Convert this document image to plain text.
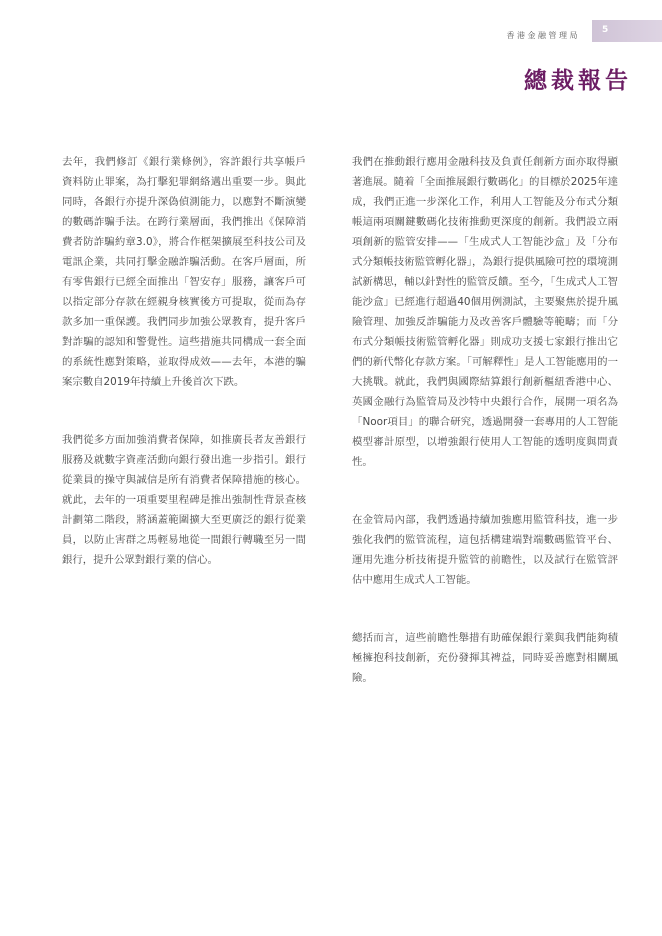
香港金融管理局
5
總裁報告

去年，我們修訂《銀行業條例》，容許銀行共享帳戶資料防止罪案，為打擊犯罪網絡邁出重要一步。與此同時，各銀行亦提升深偽偵測能力，以應對不斷演變的數碼詐騙手法。在跨行業層面，我們推出《保障消費者防詐騙約章3.0》，將合作框架擴展至科技公司及電訊企業，共同打擊金融詐騙活動。在客戶層面，所有零售銀行已經全面推出「智安存」服務，讓客戶可以指定部分存款在經親身核實後方可提取，從而為存款多加一重保護。我們同步加強公眾教育，提升客戶對詐騙的認知和警覺性。這些措施共同構成一套全面的系統性應對策略，並取得成效——去年，本港的騙案宗數自2019年持續上升後首次下跌。

我們從多方面加強消費者保障，如推廣長者友善銀行服務及就數字資產活動向銀行發出進一步指引。銀行從業員的操守與誠信是所有消費者保障措施的核心。就此，去年的一項重要里程碑是推出強制性背景查核計劃第二階段，將涵蓋範圍擴大至更廣泛的銀行從業員，以防止害群之馬輕易地從一間銀行轉職至另一間銀行，提升公眾對銀行業的信心。

我們在推動銀行應用金融科技及負責任創新方面亦取得顯著進展。隨着「全面推展銀行數碼化」的目標於2025年達成，我們正進一步深化工作，利用人工智能及分布式分類帳這兩項關鍵數碼化技術推動更深度的創新。我們設立兩項創新的監管安排——「生成式人工智能沙盒」及「分布式分類帳技術監管孵化器」，為銀行提供風險可控的環境測試新構思，輔以針對性的監管反饋。至今，「生成式人工智能沙盒」已經進行超過40個用例測試，主要聚焦於提升風險管理、加強反詐騙能力及改善客戶體驗等範疇；而「分布式分類帳技術監管孵化器」則成功支援七家銀行推出它們的新代幣化存款方案。「可解釋性」是人工智能應用的一大挑戰。就此，我們與國際結算銀行創新樞紐香港中心、英國金融行為監管局及沙特中央銀行合作，展開一項名為「Noor項目」的聯合研究，透過開發一套專用的人工智能模型審計原型，以增強銀行使用人工智能的透明度與問責性。

在金管局內部，我們透過持續加強應用監管科技，進一步強化我們的監管流程，這包括構建端對端數碼監管平台、運用先進分析技術提升監管的前瞻性，以及試行在監管評估中應用生成式人工智能。

總括而言，這些前瞻性舉措有助確保銀行業與我們能夠積極擁抱科技創新，充份發揮其裨益，同時妥善應對相關風險。
